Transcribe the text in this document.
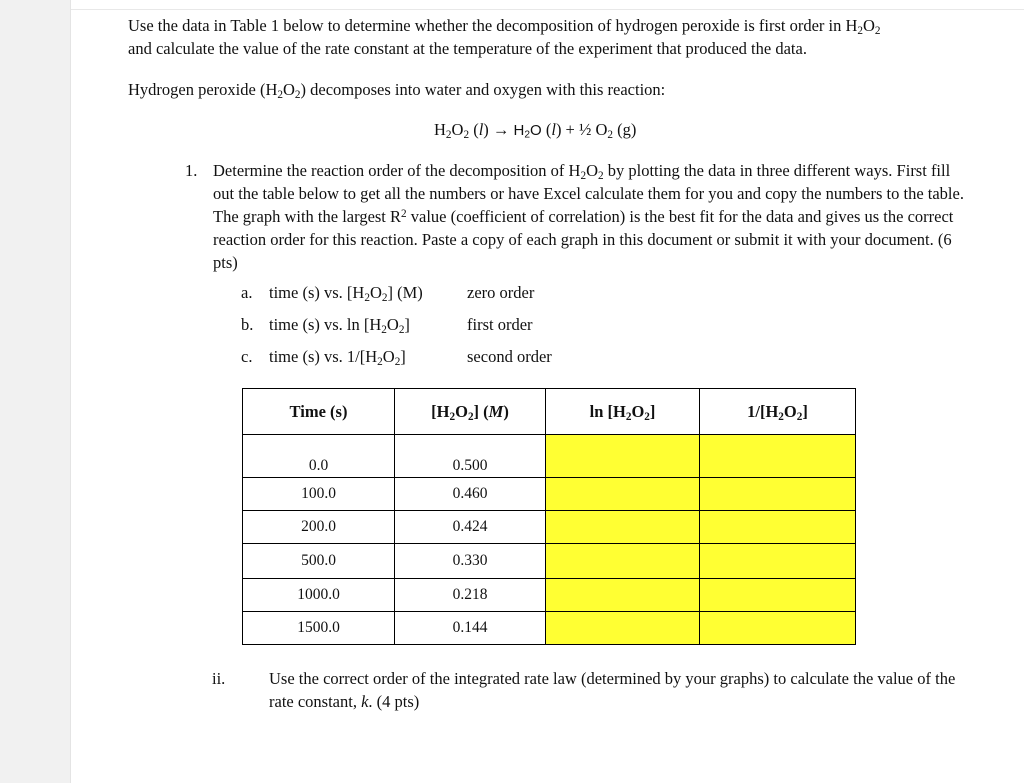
Use the data in Table 1 below to determine whether the decomposition of hydrogen peroxide is first order in $H_2O_2$

and calculate the value of the rate constant at the temperature of the experiment that produced the data.

Hydrogen peroxide $(H_2O_2)$ decomposes into water and oxygen with this reaction:

$H_2O_2$ $(l) \to H_2O$ (l) + ½ $O_2$ (g)

1. Determine the reaction order of the decomposition of $H_2O_2$ by plotting the data in three different ways. First fill out the table below to get all the numbers or have Excel calculate them for you and copy the numbers to the table. The graph with the largest $R^2$ value (coefficient of correlation) is the best fit for the data and gives us the correct reaction order for this reaction. Paste a copy of each graph in this document or submit it with your document. (6 pts)

a. time (s) vs. $[H_2O_2]$ (M)	zero order
b. time (s) vs. $\ln [H_2O_2]$	first order
c. time (s) vs. $1/[H_2O_2]$	second order
Time (s)	$[H_2O_2]$ (M)	$\ln [H_2O_2]$	$1/[H_2O_2]$
0.0	0.500		
100.0	0.460		
200.0	0.424		
500.0	0.330		
1000.0	0.218		
1500.0	0.144		
ii.	Use the correct order of the integrated rate law (determined by your graphs) to calculate the value of the rate constant, k. (4 pts)
